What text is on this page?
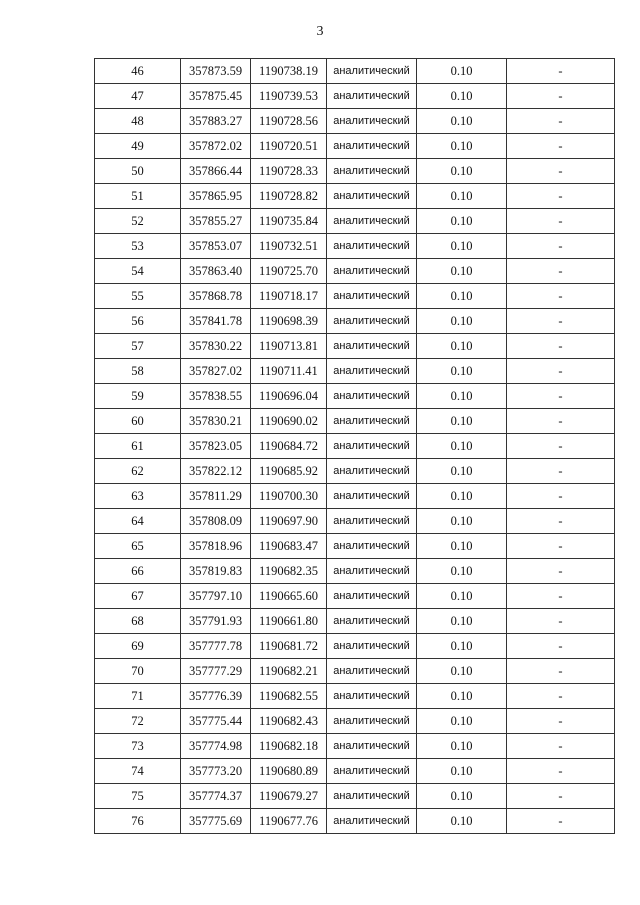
3
46	357873.59	1190738.19	аналитический	0.10	-
47	357875.45	1190739.53	аналитический	0.10	-
48	357883.27	1190728.56	аналитический	0.10	-
49	357872.02	1190720.51	аналитический	0.10	-
50	357866.44	1190728.33	аналитический	0.10	-
51	357865.95	1190728.82	аналитический	0.10	-
52	357855.27	1190735.84	аналитический	0.10	-
53	357853.07	1190732.51	аналитический	0.10	-
54	357863.40	1190725.70	аналитический	0.10	-
55	357868.78	1190718.17	аналитический	0.10	-
56	357841.78	1190698.39	аналитический	0.10	-
57	357830.22	1190713.81	аналитический	0.10	-
58	357827.02	1190711.41	аналитический	0.10	-
59	357838.55	1190696.04	аналитический	0.10	-
60	357830.21	1190690.02	аналитический	0.10	-
61	357823.05	1190684.72	аналитический	0.10	-
62	357822.12	1190685.92	аналитический	0.10	-
63	357811.29	1190700.30	аналитический	0.10	-
64	357808.09	1190697.90	аналитический	0.10	-
65	357818.96	1190683.47	аналитический	0.10	-
66	357819.83	1190682.35	аналитический	0.10	-
67	357797.10	1190665.60	аналитический	0.10	-
68	357791.93	1190661.80	аналитический	0.10	-
69	357777.78	1190681.72	аналитический	0.10	-
70	357777.29	1190682.21	аналитический	0.10	-
71	357776.39	1190682.55	аналитический	0.10	-
72	357775.44	1190682.43	аналитический	0.10	-
73	357774.98	1190682.18	аналитический	0.10	-
74	357773.20	1190680.89	аналитический	0.10	-
75	357774.37	1190679.27	аналитический	0.10	-
76	357775.69	1190677.76	аналитический	0.10	-
